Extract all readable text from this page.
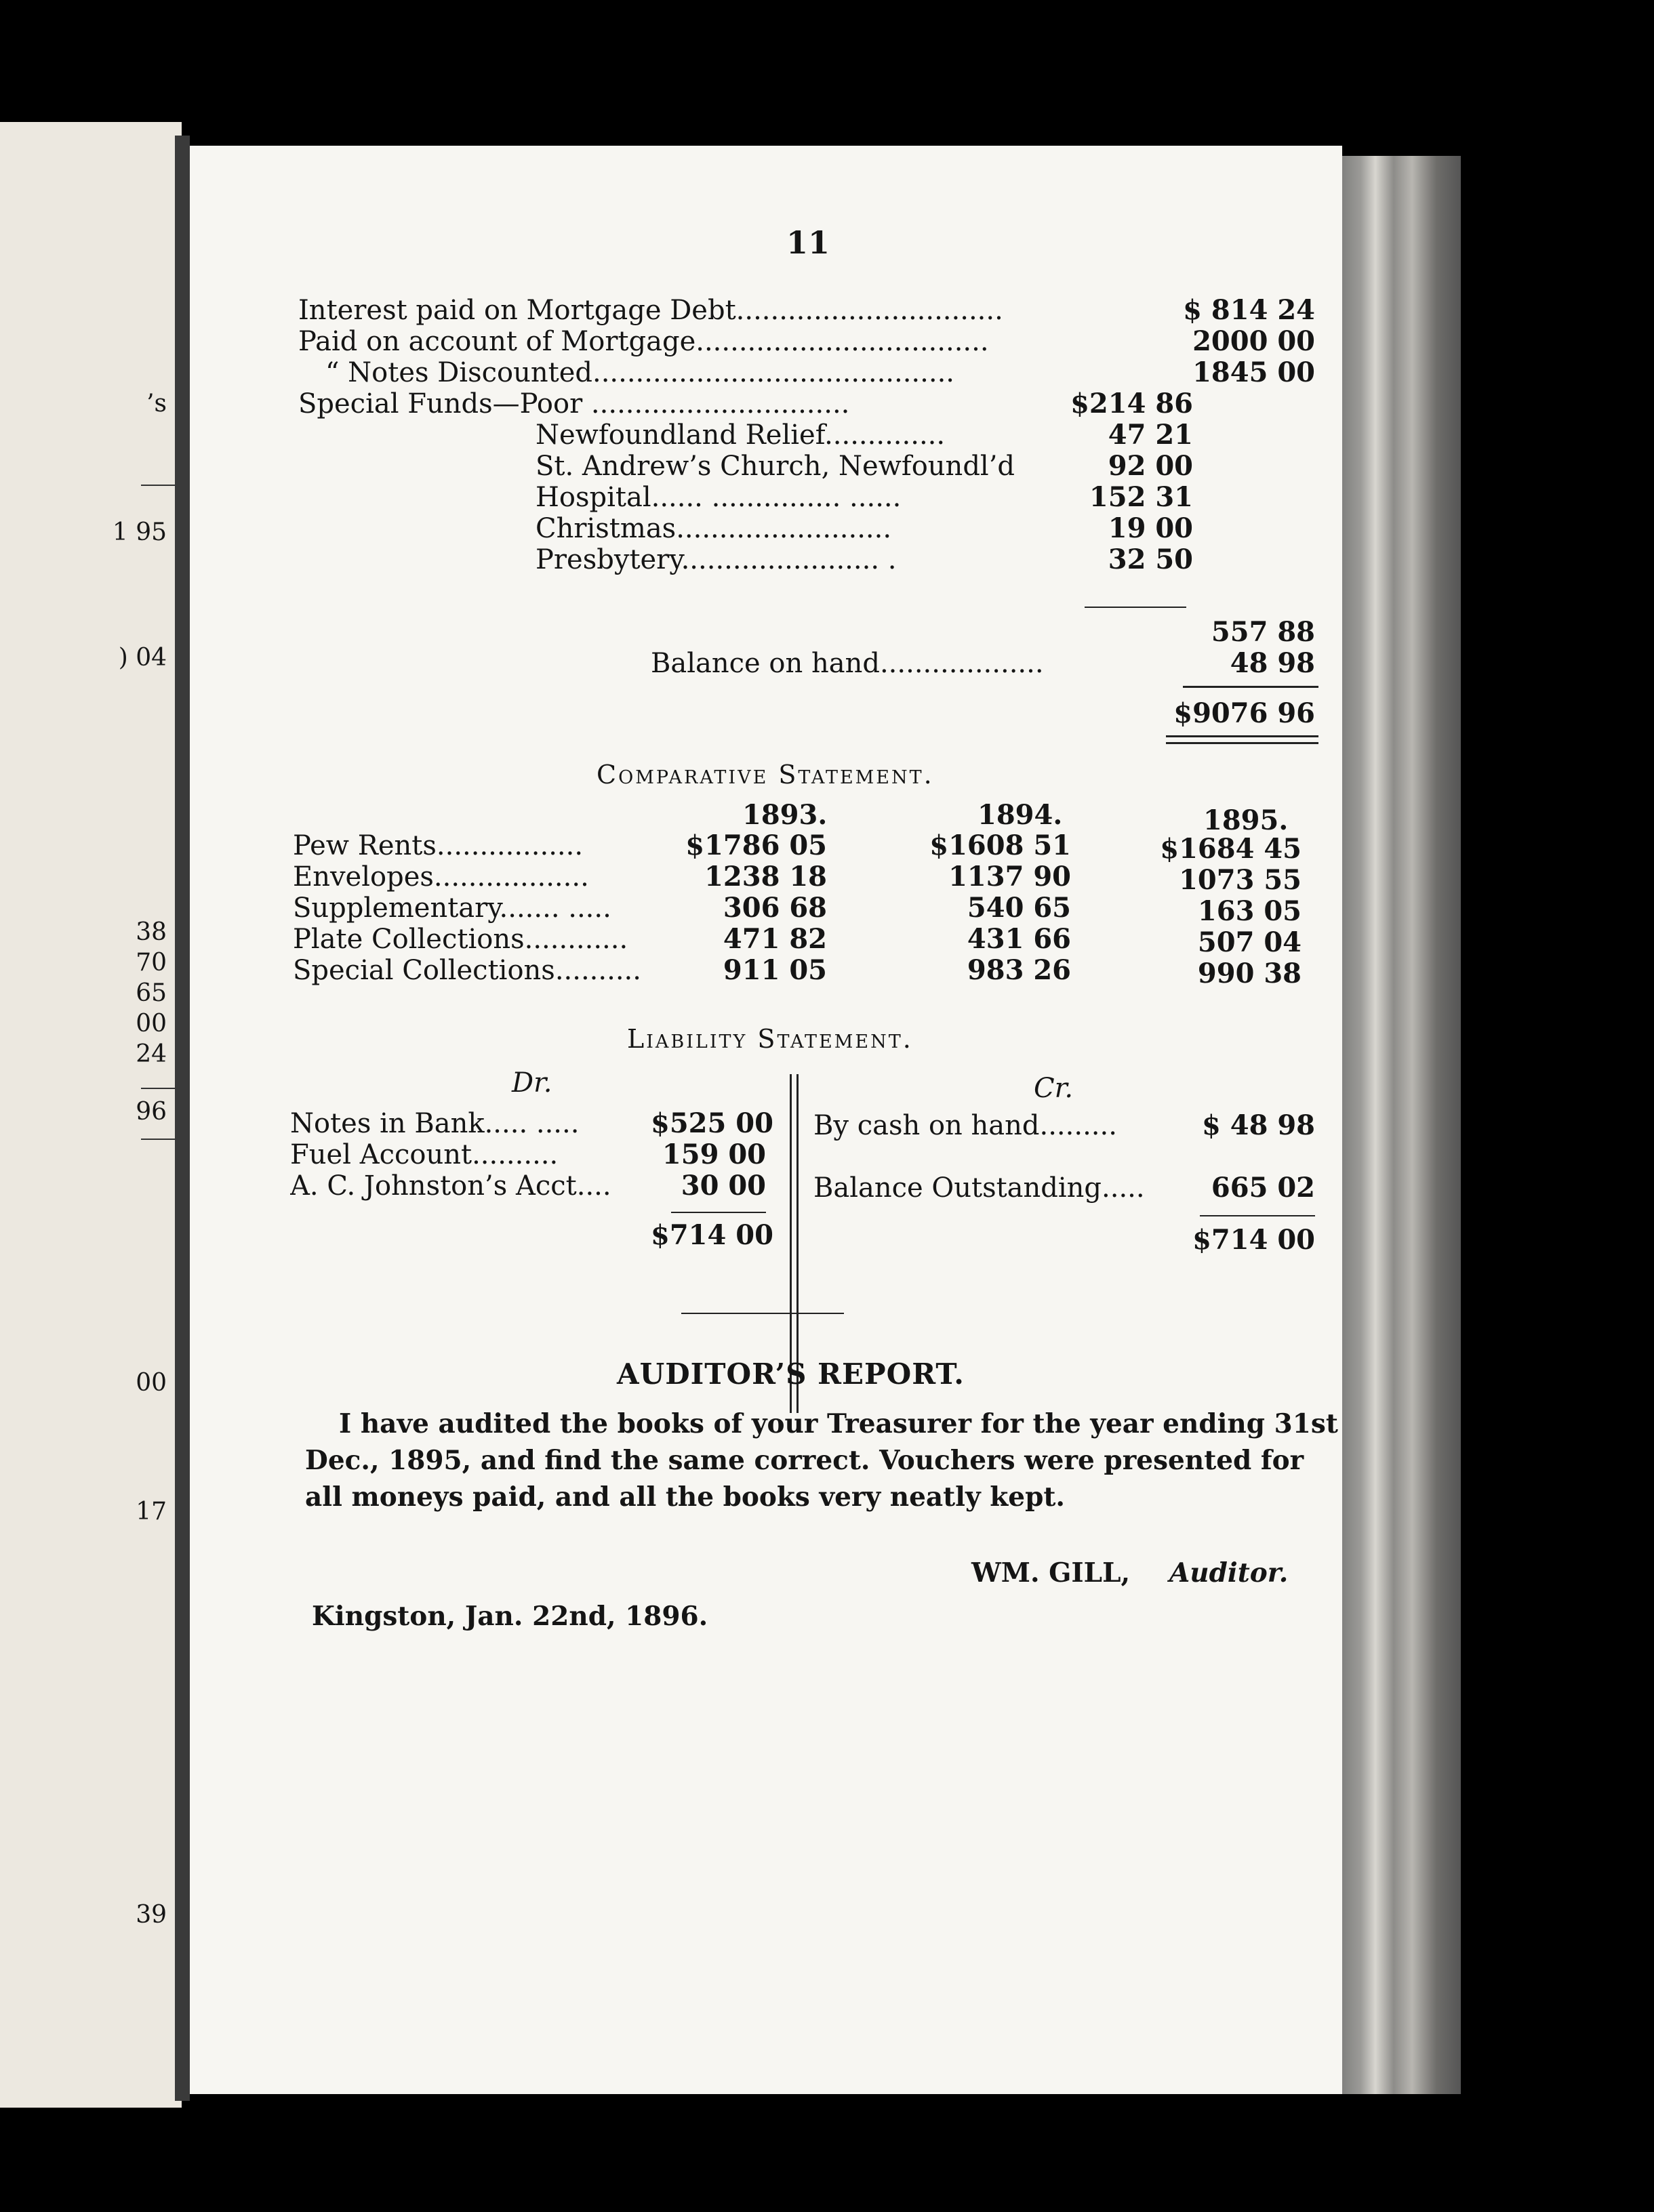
’s
1 95
) 04
38
70
65
00
24
96
00
17
39
11
Interest paid on Mortgage Debt...............................	$ 814 24
Paid on account of Mortgage..................................	2000 00
“ Notes Discounted..........................................	1845 00
Special Funds—Poor ..............................	$214 86
Newfoundland Relief..............	47 21
St. Andrew’s Church, Newfoundl’d	92 00
Hospital...... ............... ......	152 31
Christmas.........................	19 00
Presbytery....................... .	32 50
557 88
Balance on hand...................	48 98
$9076 96
Comparative Statement.
1893.	1894.	1895.
Pew Rents.................	$1786 05	$1608 51	$1684 45
Envelopes..................	1238 18	1137 90	1073 55
Supplementary....... .....	306 68	540 65	163 05
Plate Collections............	471 82	431 66	507 04
Special Collections..........	911 05	983 26	990 38
Liability Statement.
Dr.	Cr.
Notes in Bank..... .....	$525 00
Fuel Account..........	159 00
A. C. Johnston’s Acct....	30 00
$714 00
By cash on hand.........	$ 48 98
Balance Outstanding.....	665 02
$714 00
AUDITOR’S REPORT.
I have audited the books of your Treasurer for the year ending 31st
Dec., 1895, and find the same correct. Vouchers were presented for
all moneys paid, and all the books very neatly kept.
WM. GILL, Auditor.
Kingston, Jan. 22nd, 1896.
